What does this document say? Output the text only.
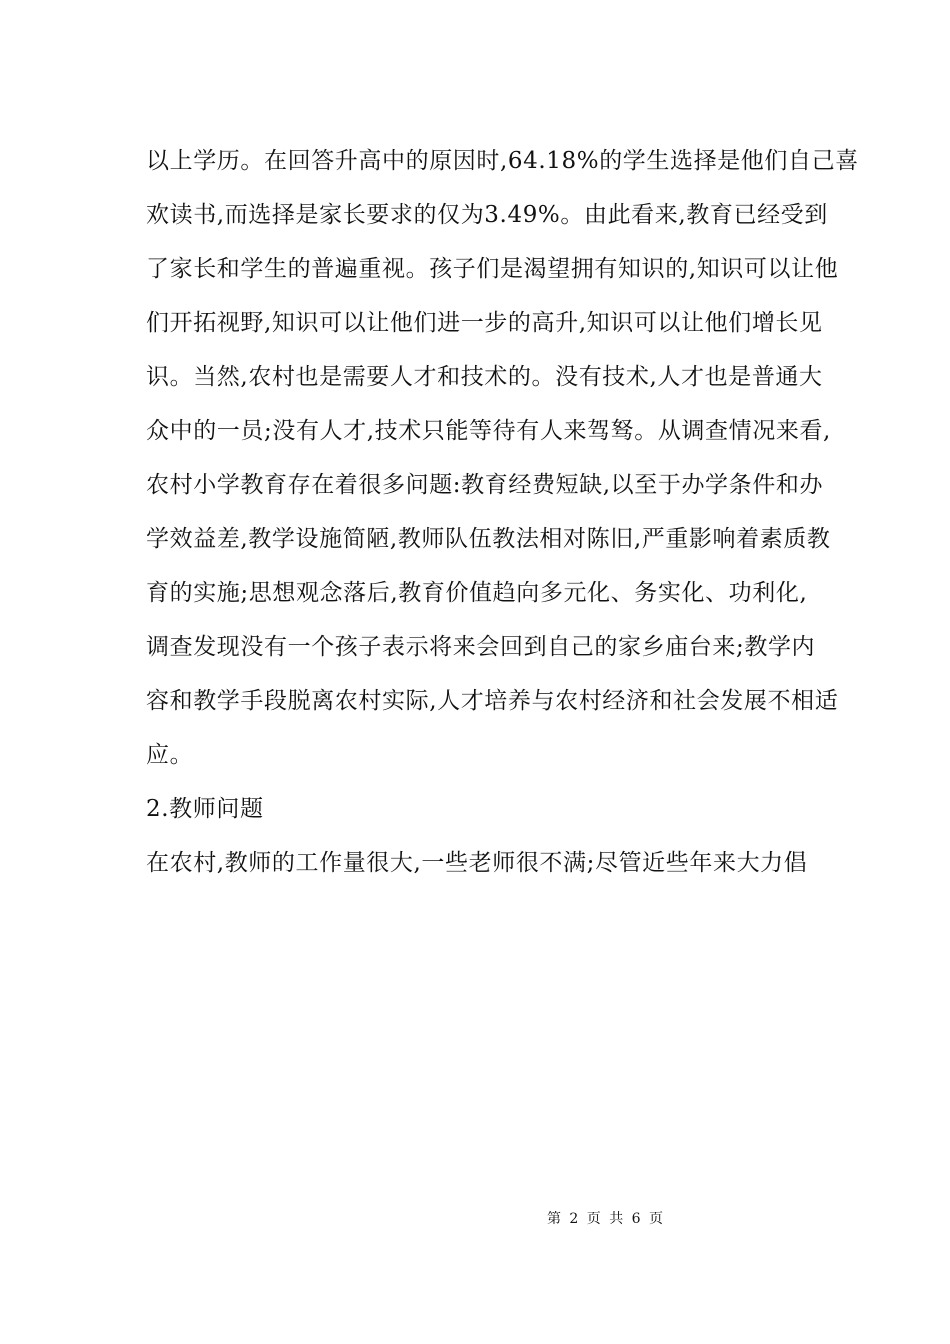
以上学历。在回答升高中的原因时,64.18%的学生选择是他们自己喜
欢读书,而选择是家长要求的仅为3.49%。由此看来,教育已经受到
了家长和学生的普遍重视。孩子们是渴望拥有知识的,知识可以让他
们开拓视野,知识可以让他们进一步的高升,知识可以让他们增长见
识。当然,农村也是需要人才和技术的。没有技术,人才也是普通大
众中的一员;没有人才,技术只能等待有人来驾驽。从调查情况来看,
农村小学教育存在着很多问题:教育经费短缺,以至于办学条件和办
学效益差,教学设施简陋,教师队伍教法相对陈旧,严重影响着素质教
育的实施;思想观念落后,教育价值趋向多元化、务实化、功利化,
调查发现没有一个孩子表示将来会回到自己的家乡庙台来;教学内
容和教学手段脱离农村实际,人才培养与农村经济和社会发展不相适
应。
2.教师问题
在农村,教师的工作量很大,一些老师很不满;尽管近些年来大力倡
第 2 页 共 6 页
